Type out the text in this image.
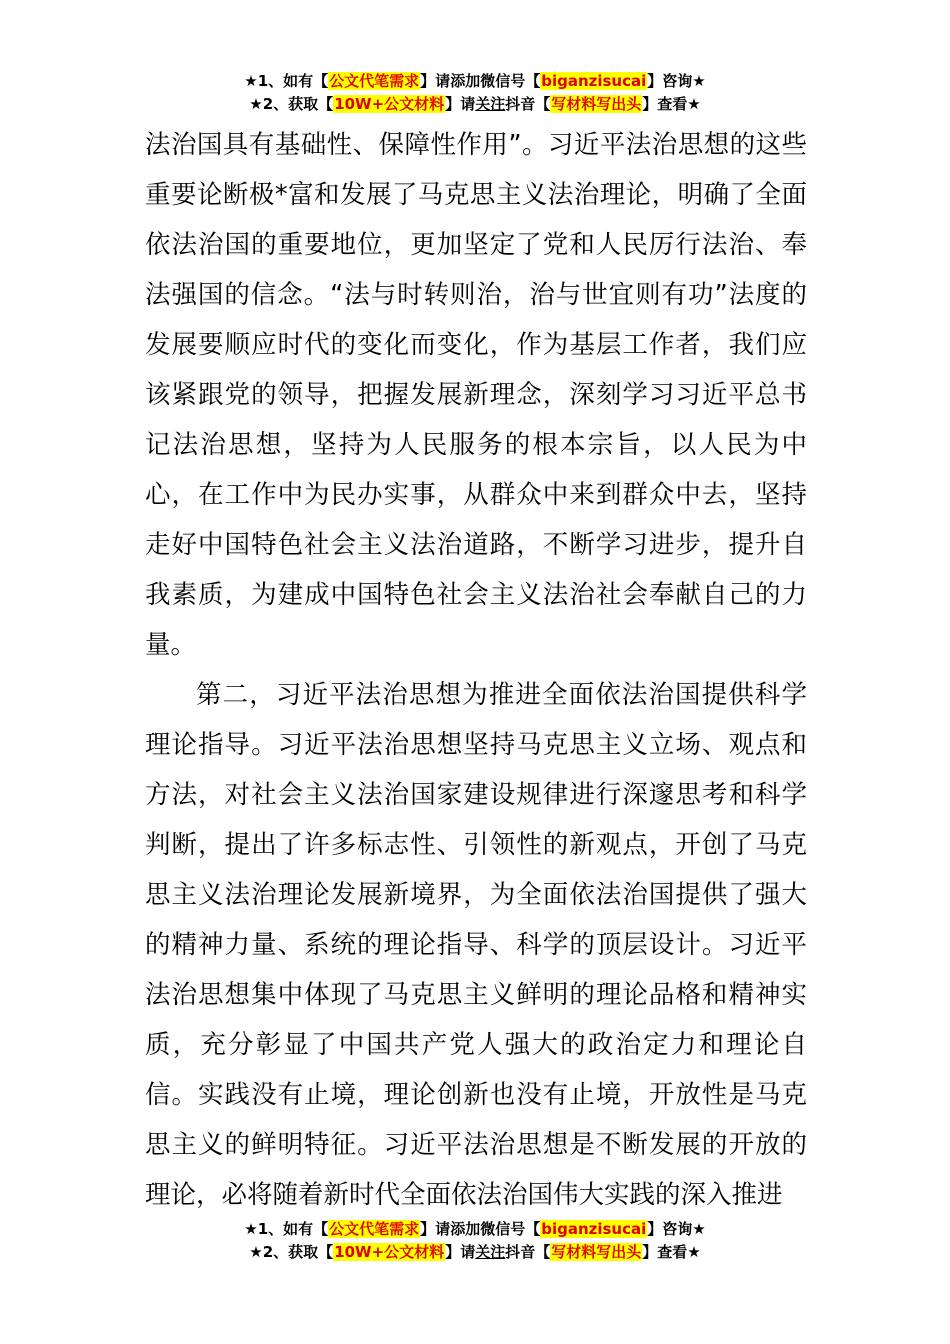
★1、如有【公文代笔需求】请添加微信号【biganzisucai】咨询★
★2、获取【10W+公文材料】请关注抖音【写材料写出头】查看★

法治国具有基础性、保障性作用”。习近平法治思想的这些重要论断极*富和发展了马克思主义法治理论，明确了全面依法治国的重要地位，更加坚定了党和人民厉行法治、奉法强国的信念。“法与时转则治，治与世宜则有功”法度的发展要顺应时代的变化而变化，作为基层工作者，我们应该紧跟党的领导，把握发展新理念，深刻学习习近平总书记法治思想，坚持为人民服务的根本宗旨，以人民为中心，在工作中为民办实事，从群众中来到群众中去，坚持走好中国特色社会主义法治道路，不断学习进步，提升自我素质，为建成中国特色社会主义法治社会奉献自己的力量。

第二，习近平法治思想为推进全面依法治国提供科学理论指导。习近平法治思想坚持马克思主义立场、观点和方法，对社会主义法治国家建设规律进行深邃思考和科学判断，提出了许多标志性、引领性的新观点，开创了马克思主义法治理论发展新境界，为全面依法治国提供了强大的精神力量、系统的理论指导、科学的顶层设计。习近平法治思想集中体现了马克思主义鲜明的理论品格和精神实质，充分彰显了中国共产党人强大的政治定力和理论自信。实践没有止境，理论创新也没有止境，开放性是马克思主义的鲜明特征。习近平法治思想是不断发展的开放的理论，必将随着新时代全面依法治国伟大实践的深入推进

★1、如有【公文代笔需求】请添加微信号【biganzisucai】咨询★
★2、获取【10W+公文材料】请关注抖音【写材料写出头】查看★
